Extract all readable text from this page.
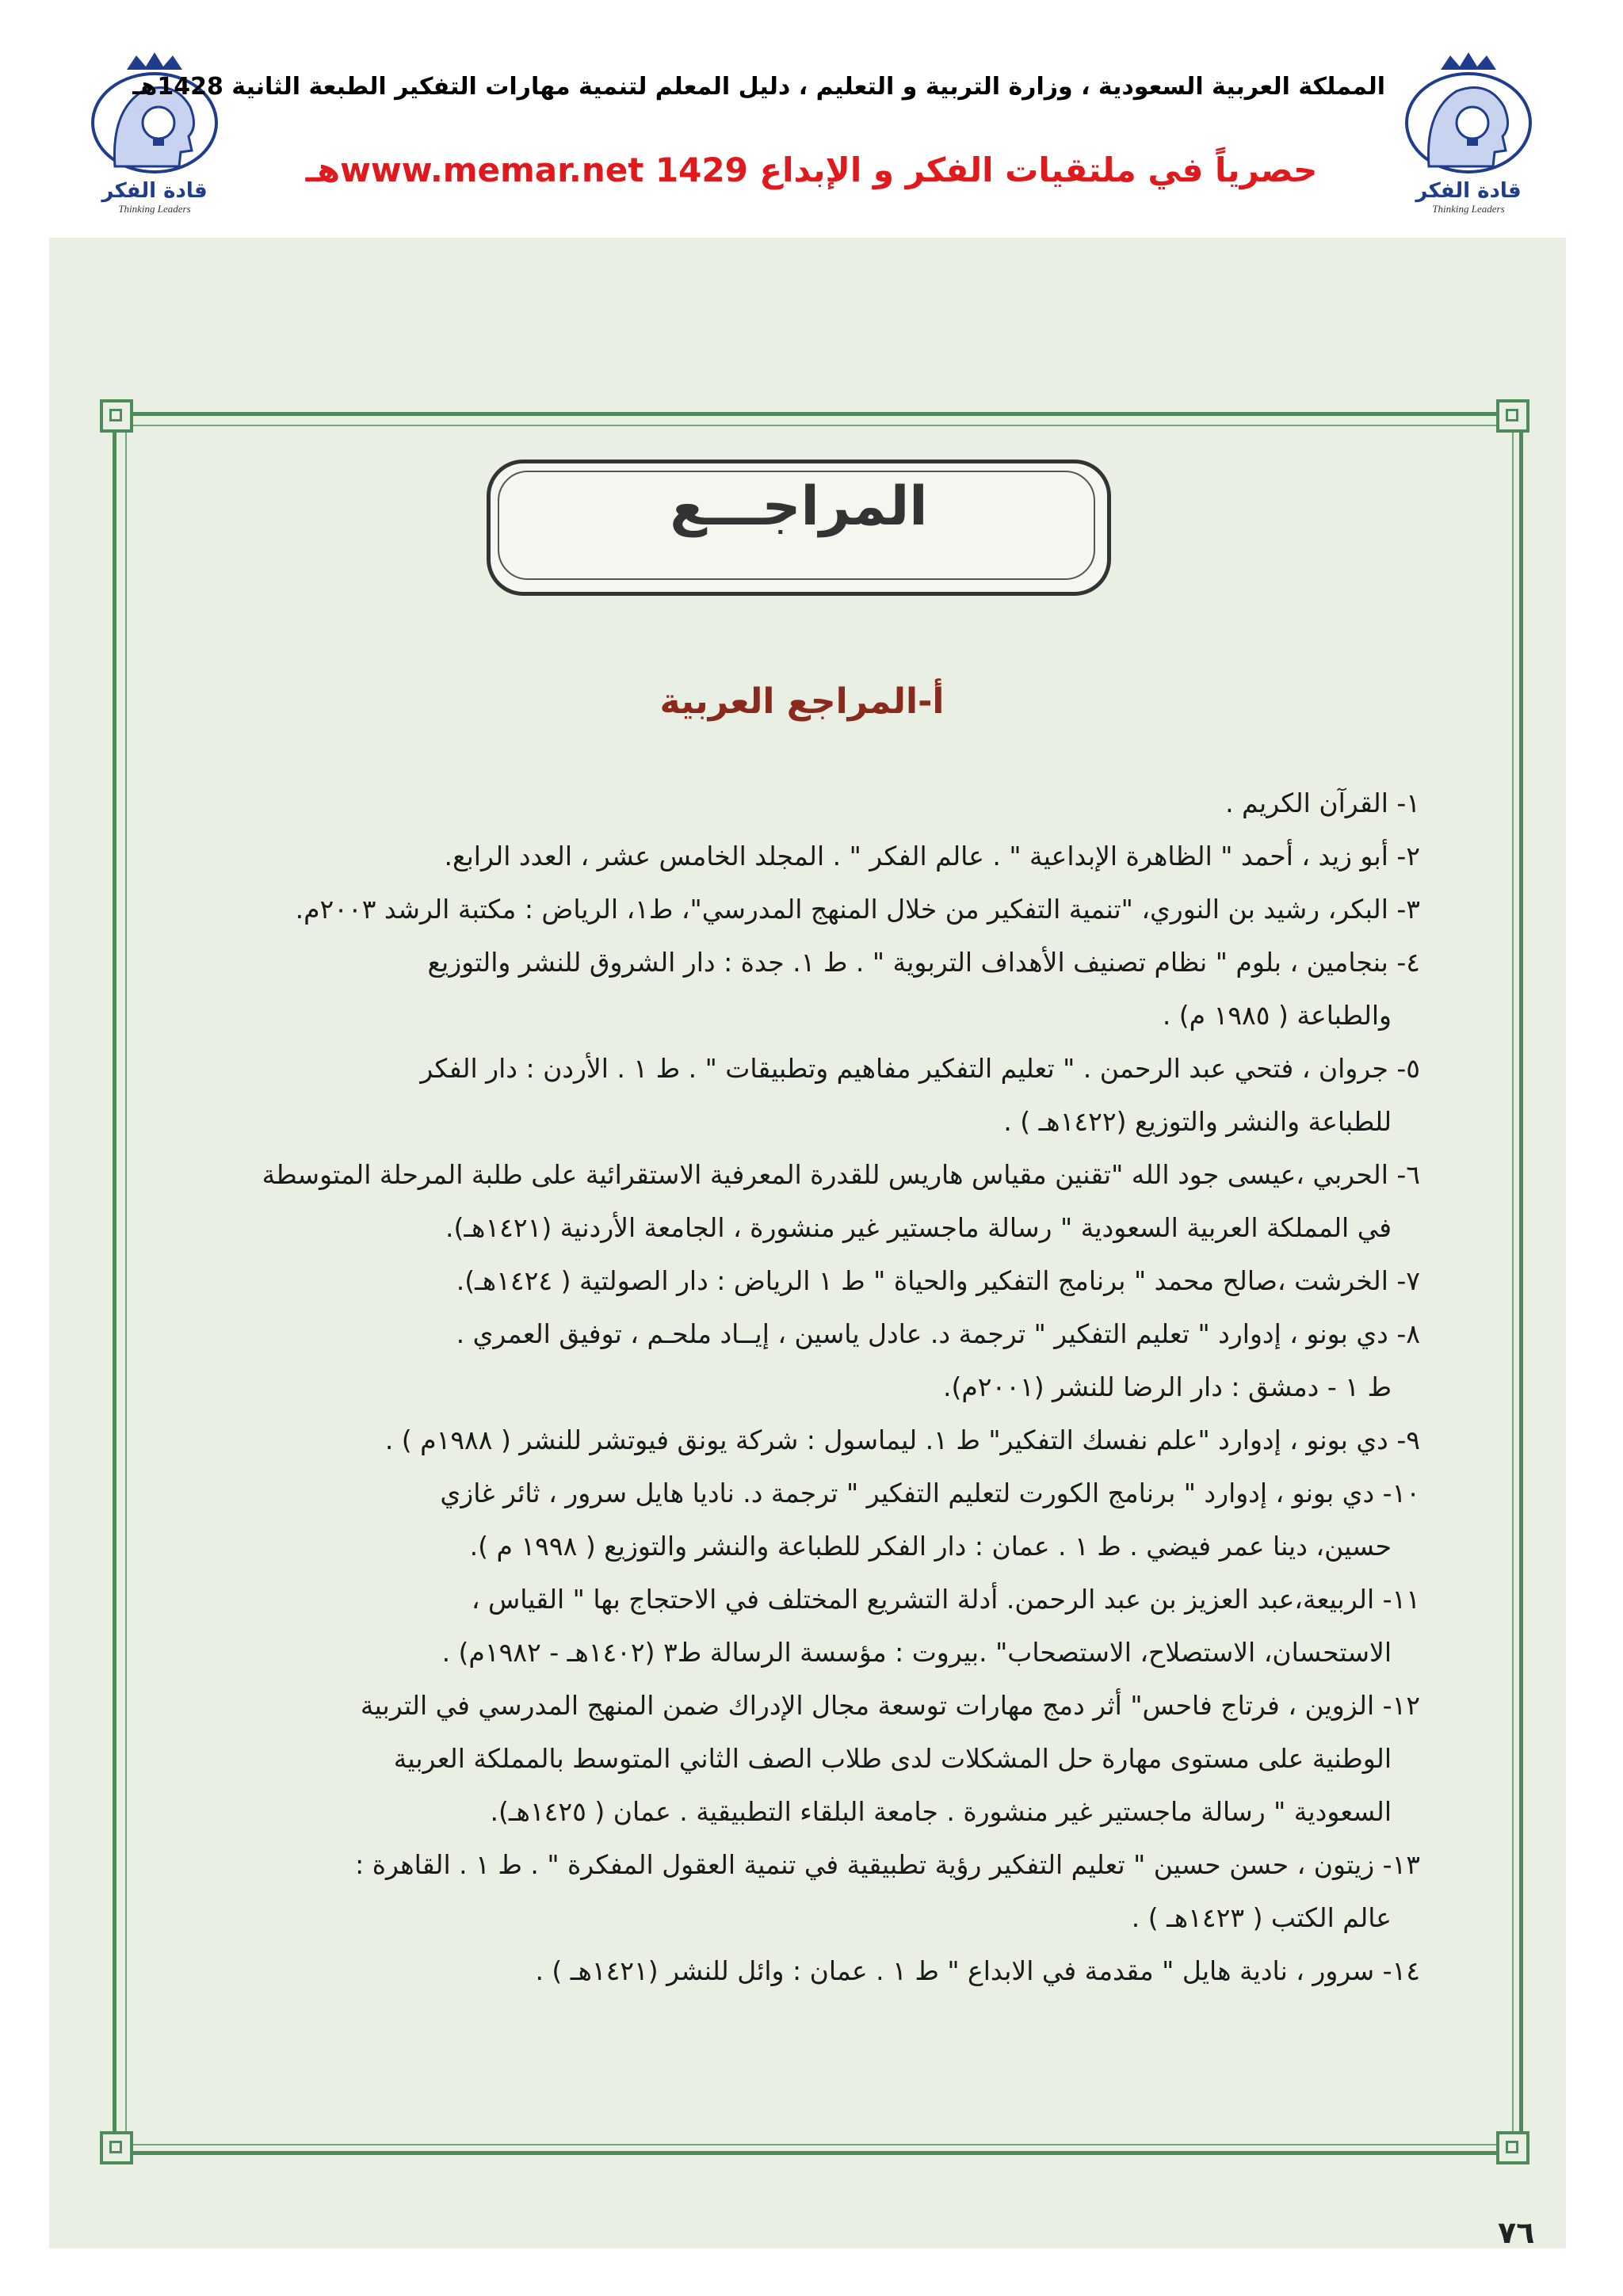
قادة الفكر
Thinking Leaders
قادة الفكر
Thinking Leaders
المملكة العربية السعودية ، وزارة التربية و التعليم ، دليل المعلم لتنمية مهارات التفكير الطبعة الثانية 1428هـ
حصرياً في ملتقيات الفكر و الإبداع www.memar.net 1429هـ
المراجـــع
أ-المراجع العربية
١- القرآن الكريم .
٢- أبو زيد ، أحمد " الظاهرة الإبداعية " . عالم الفكر " . المجلد الخامس عشر ، العدد الرابع.
٣- البكر، رشيد بن النوري، "تنمية التفكير من خلال المنهج المدرسي"، ط١، الرياض : مكتبة الرشد ٢٠٠٣م.
٤- بنجامين ، بلوم " نظام تصنيف الأهداف التربوية " . ط ١. جدة : دار الشروق للنشر والتوزيع
والطباعة ( ١٩٨٥ م) .
٥- جروان ، فتحي عبد الرحمن . " تعليم التفكير مفاهيم وتطبيقات " . ط ١ . الأردن : دار الفكر
للطباعة والنشر والتوزيع (١٤٢٢هـ ) .
٦- الحربي ،عيسى جود الله "تقنين مقياس هاريس للقدرة المعرفية الاستقرائية على طلبة المرحلة المتوسطة
في المملكة العربية السعودية " رسالة ماجستير غير منشورة ، الجامعة الأردنية (١٤٢١هـ).
٧- الخرشت ،صالح محمد " برنامج التفكير والحياة " ط ١ الرياض : دار الصولتية ( ١٤٢٤هـ).
٨- دي بونو ، إدوارد " تعليم التفكير " ترجمة د. عادل ياسين ، إيــاد ملحـم ، توفيق العمري .
ط ١ - دمشق : دار الرضا للنشر (٢٠٠١م).
٩- دي بونو ، إدوارد "علم نفسك التفكير" ط ١. ليماسول : شركة يونق فيوتشر للنشر ( ١٩٨٨م ) .
١٠- دي بونو ، إدوارد " برنامج الكورت لتعليم التفكير " ترجمة د. ناديا هايل سرور ، ثائر غازي
حسين، دينا عمر فيضي . ط ١ . عمان : دار الفكر للطباعة والنشر والتوزيع ( ١٩٩٨ م ).
١١- الربيعة،عبد العزيز بن عبد الرحمن. أدلة التشريع المختلف في الاحتجاج بها " القياس ،
الاستحسان، الاستصلاح، الاستصحاب" .بيروت : مؤسسة الرسالة ط٣ (١٤٠٢هـ - ١٩٨٢م) .
١٢- الزوين ، فرتاج فاحس" أثر دمج مهارات توسعة مجال الإدراك ضمن المنهج المدرسي في التربية
الوطنية على مستوى مهارة حل المشكلات لدى طلاب الصف الثاني المتوسط بالمملكة العربية
السعودية " رسالة ماجستير غير منشورة . جامعة البلقاء التطبيقية . عمان ( ١٤٢٥هـ).
١٣- زيتون ، حسن حسين " تعليم التفكير رؤية تطبيقية في تنمية العقول المفكرة " . ط ١ . القاهرة :
عالم الكتب ( ١٤٢٣هـ ) .
١٤- سرور ، نادية هايل " مقدمة في الابداع " ط ١ . عمان : وائل للنشر (١٤٢١هـ ) .
٧٦
